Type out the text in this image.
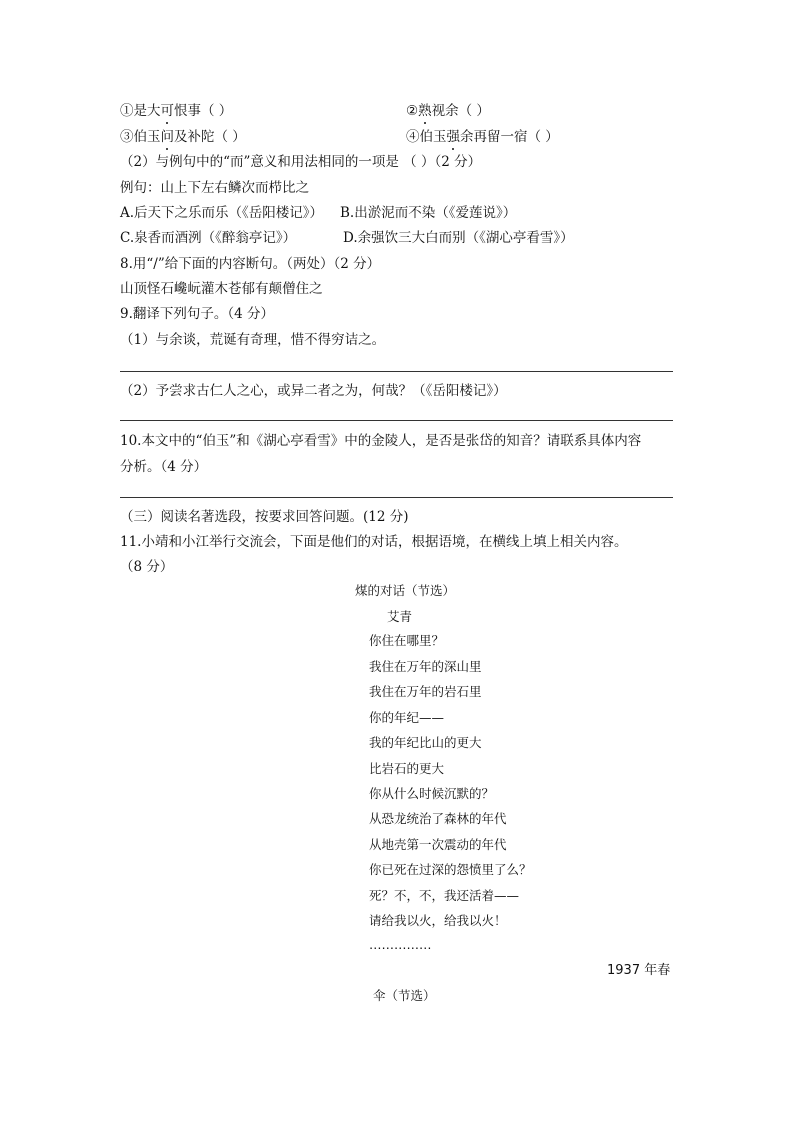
①是大可恨事（ ）	②熟视余（ ）
③伯玉问及补陀（ ）	④伯玉强余再留一宿（ ）
（2）与例句中的“而”意义和用法相同的一项是 （ ）（2 分）
例句：山上下左右鳞次而栉比之
A.后天下之乐而乐（《岳阳楼记》） B.出淤泥而不染（《爱莲说》）
C.泉香而酒洌（《醉翁亭记》）	D.余强饮三大白而别（《湖心亭看雪》）
8.用“/”给下面的内容断句。（两处）（2 分）
山顶怪石巉岏灌木苍郁有颠僧住之
9.翻译下列句子。（4 分）
（1）与余谈，荒诞有奇理，惜不得穷诘之。
（2）予尝求古仁人之心，或异二者之为，何哉？（《岳阳楼记》）
10.本文中的“伯玉”和《湖心亭看雪》中的金陵人，是否是张岱的知音？请联系具体内容
分析。（4 分）
（三）阅读名著选段，按要求回答问题。(12 分)
11.小靖和小江举行交流会，下面是他们的对话，根据语境，在横线上填上相关内容。
（8 分）
煤的对话（节选）
艾青
你住在哪里？
我住在万年的深山里
我住在万年的岩石里
你的年纪——
我的年纪比山的更大
比岩石的更大
你从什么时候沉默的？
从恐龙统治了森林的年代
从地壳第一次震动的年代
你已死在过深的怨愤里了么？
死？不，不，我还活着——
请给我以火，给我以火！
……………
1937 年春
伞（节选）
